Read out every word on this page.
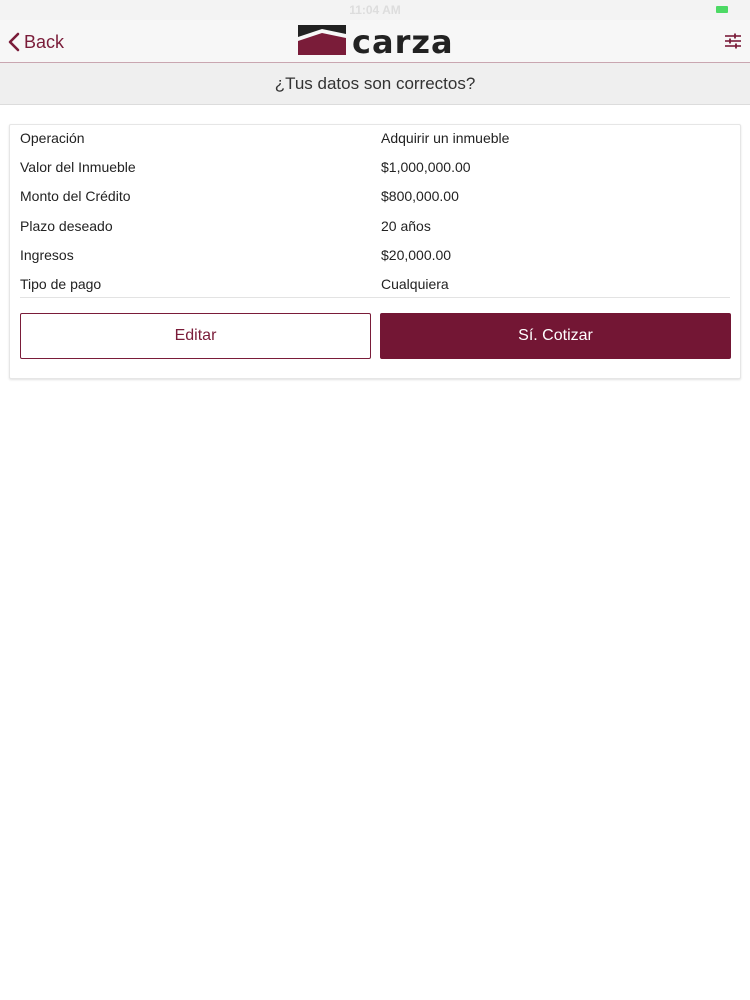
11:04 AM
Back	carza
¿Tus datos son correctos?
Operación	Adquirir un inmueble
Valor del Inmueble	$1,000,000.00
Monto del Crédito	$800,000.00
Plazo deseado	20 años
Ingresos	$20,000.00
Tipo de pago	Cualquiera
Editar	Sí. Cotizar
